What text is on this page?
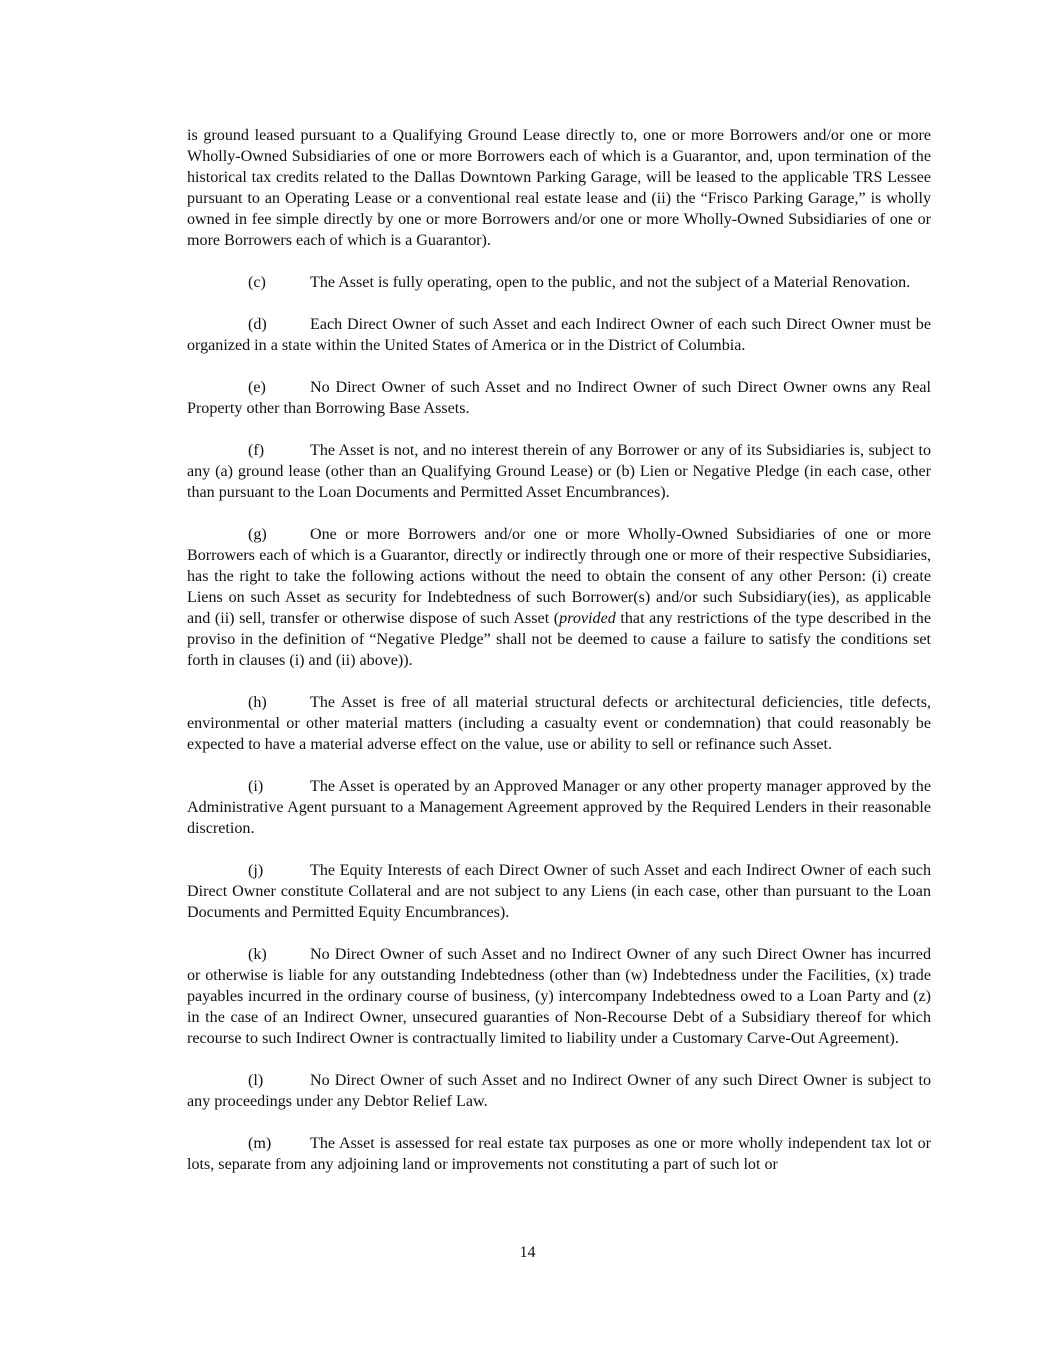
is ground leased pursuant to a Qualifying Ground Lease directly to, one or more Borrowers and/or one or more Wholly-Owned Subsidiaries of one or more Borrowers each of which is a Guarantor, and, upon termination of the historical tax credits related to the Dallas Downtown Parking Garage, will be leased to the applicable TRS Lessee pursuant to an Operating Lease or a conventional real estate lease and (ii) the “Frisco Parking Garage,” is wholly owned in fee simple directly by one or more Borrowers and/or one or more Wholly-Owned Subsidiaries of one or more Borrowers each of which is a Guarantor).

(c)	The Asset is fully operating, open to the public, and not the subject of a Material Renovation.

(d)	Each Direct Owner of such Asset and each Indirect Owner of each such Direct Owner must be organized in a state within the United States of America or in the District of Columbia.

(e)	No Direct Owner of such Asset and no Indirect Owner of such Direct Owner owns any Real Property other than Borrowing Base Assets.

(f)	The Asset is not, and no interest therein of any Borrower or any of its Subsidiaries is, subject to any (a) ground lease (other than an Qualifying Ground Lease) or (b) Lien or Negative Pledge (in each case, other than pursuant to the Loan Documents and Permitted Asset Encumbrances).

(g)	One or more Borrowers and/or one or more Wholly-Owned Subsidiaries of one or more Borrowers each of which is a Guarantor, directly or indirectly through one or more of their respective Subsidiaries, has the right to take the following actions without the need to obtain the consent of any other Person: (i) create Liens on such Asset as security for Indebtedness of such Borrower(s) and/or such Subsidiary(ies), as applicable and (ii) sell, transfer or otherwise dispose of such Asset (provided that any restrictions of the type described in the proviso in the definition of “Negative Pledge” shall not be deemed to cause a failure to satisfy the conditions set forth in clauses (i) and (ii) above)).

(h)	The Asset is free of all material structural defects or architectural deficiencies, title defects, environmental or other material matters (including a casualty event or condemnation) that could reasonably be expected to have a material adverse effect on the value, use or ability to sell or refinance such Asset.

(i)	The Asset is operated by an Approved Manager or any other property manager approved by the Administrative Agent pursuant to a Management Agreement approved by the Required Lenders in their reasonable discretion.

(j)	The Equity Interests of each Direct Owner of such Asset and each Indirect Owner of each such Direct Owner constitute Collateral and are not subject to any Liens (in each case, other than pursuant to the Loan Documents and Permitted Equity Encumbrances).

(k)	No Direct Owner of such Asset and no Indirect Owner of any such Direct Owner has incurred or otherwise is liable for any outstanding Indebtedness (other than (w) Indebtedness under the Facilities, (x) trade payables incurred in the ordinary course of business, (y) intercompany Indebtedness owed to a Loan Party and (z) in the case of an Indirect Owner, unsecured guaranties of Non-Recourse Debt of a Subsidiary thereof for which recourse to such Indirect Owner is contractually limited to liability under a Customary Carve-Out Agreement).

(l)	No Direct Owner of such Asset and no Indirect Owner of any such Direct Owner is subject to any proceedings under any Debtor Relief Law.

(m) The Asset is assessed for real estate tax purposes as one or more wholly independent tax lot or lots, separate from any adjoining land or improvements not constituting a part of such lot or

14
